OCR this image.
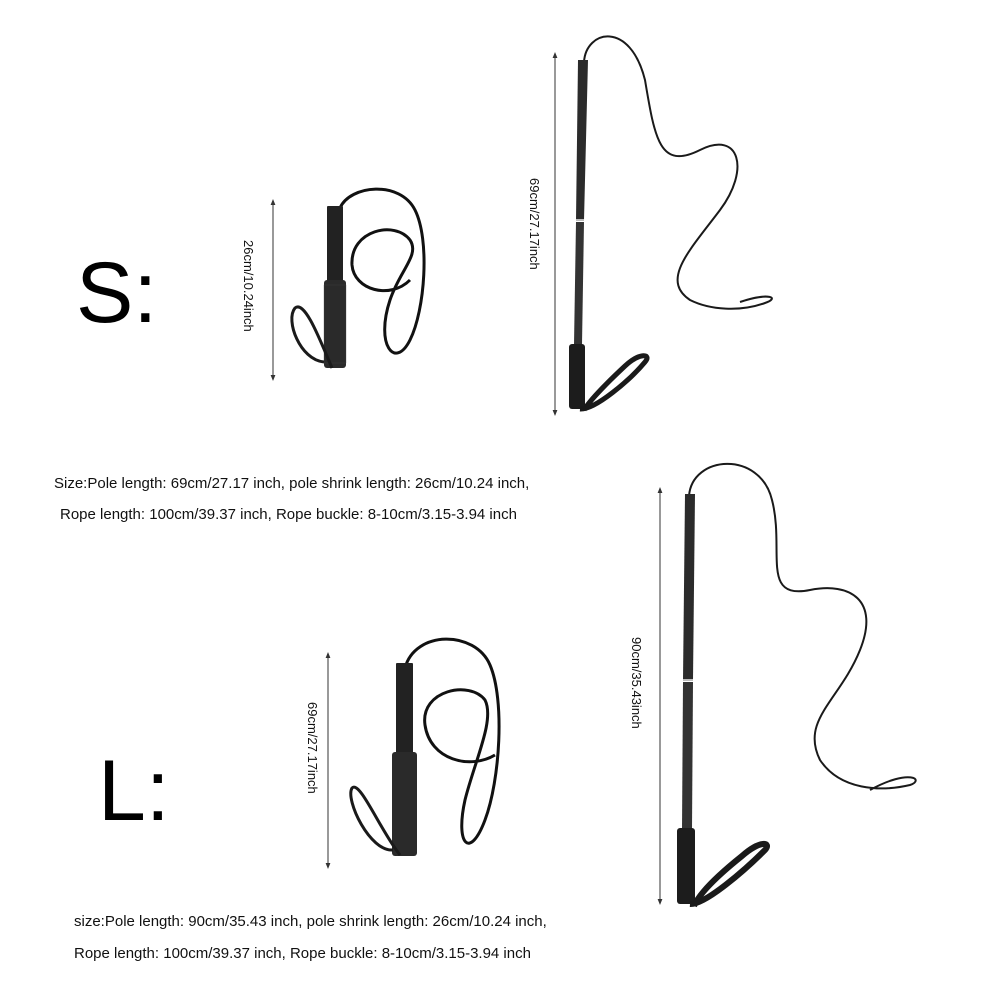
S:
L:
Size:Pole length: 69cm/27.17 inch, pole shrink length: 26cm/10.24 inch,
Rope length: 100cm/39.37 inch, Rope buckle: 8-10cm/3.15-3.94 inch
size:Pole length: 90cm/35.43 inch, pole shrink length: 26cm/10.24 inch,
Rope length: 100cm/39.37 inch, Rope buckle: 8-10cm/3.15-3.94 inch
26cm/10.24inch
69cm/27.17inch
69cm/27.17inch
90cm/35.43inch
